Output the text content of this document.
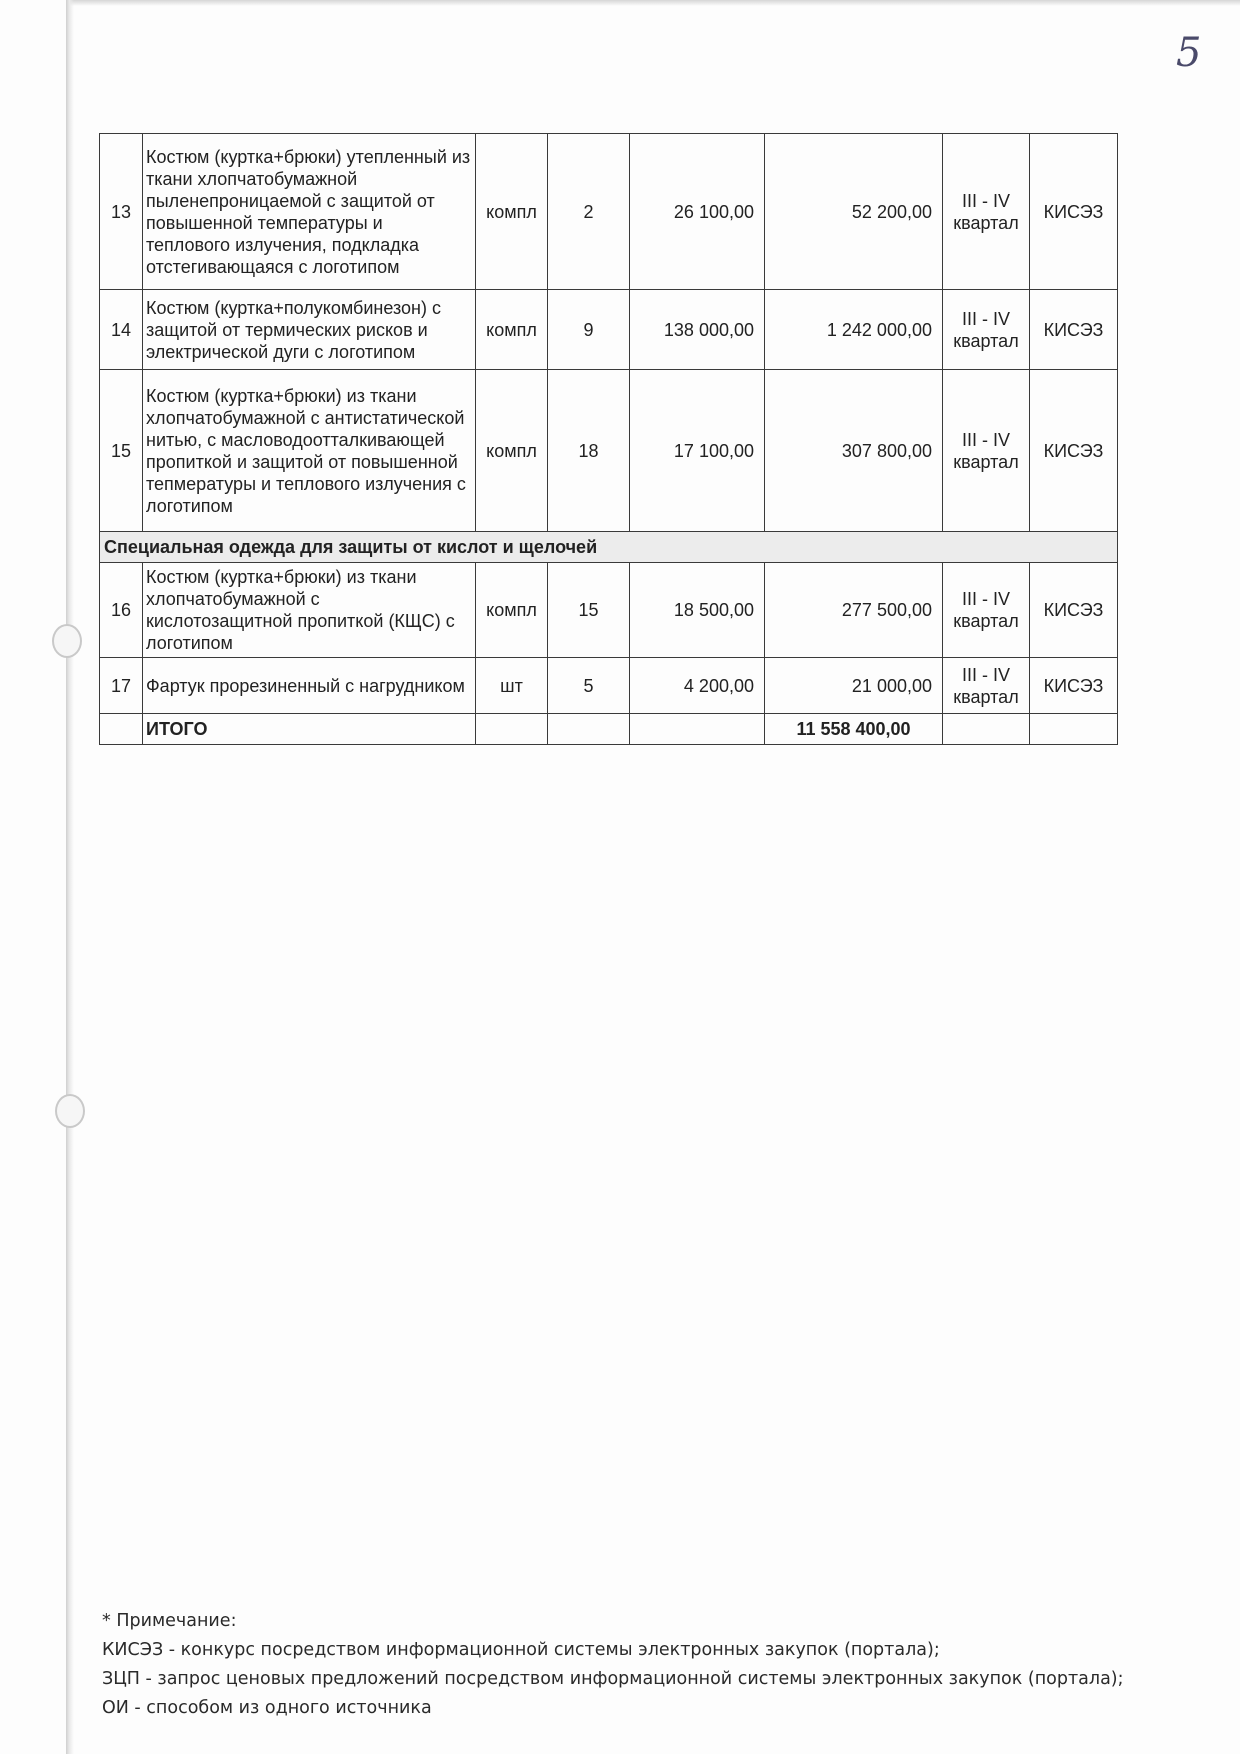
5
13	Костюм (куртка+брюки) утепленный из ткани хлопчатобумажной пыленепроницаемой с защитой от повышенной температуры и теплового излучения, подкладка отстегивающаяся с логотипом	компл	2	26 100,00	52 200,00	III - IV квартал	КИСЭЗ
14	Костюм (куртка+полукомбинезон) с защитой от термических рисков и электрической дуги с логотипом	компл	9	138 000,00	1 242 000,00	III - IV квартал	КИСЭЗ
15	Костюм (куртка+брюки) из ткани хлопчатобумажной с антистатической нитью, с масловодоотталкивающей пропиткой и защитой от повышенной тепмературы и теплового излучения с логотипом	компл	18	17 100,00	307 800,00	III - IV квартал	КИСЭЗ
Специальная одежда для защиты от кислот и щелочей							
16	Костюм (куртка+брюки) из ткани хлопчатобумажной с кислотозащитной пропиткой (КЩС) с логотипом	компл	15	18 500,00	277 500,00	III - IV квартал	КИСЭЗ
17	Фартук прорезиненный с нагрудником	шт	5	4 200,00	21 000,00	III - IV квартал	КИСЭЗ
	ИТОГО				11 558 400,00		
* Примечание:
КИСЭЗ - конкурс посредством информационной системы электронных закупок (портала);
ЗЦП - запрос ценовых предложений посредством информационной системы электронных закупок (портала);
ОИ - способом из одного источника
